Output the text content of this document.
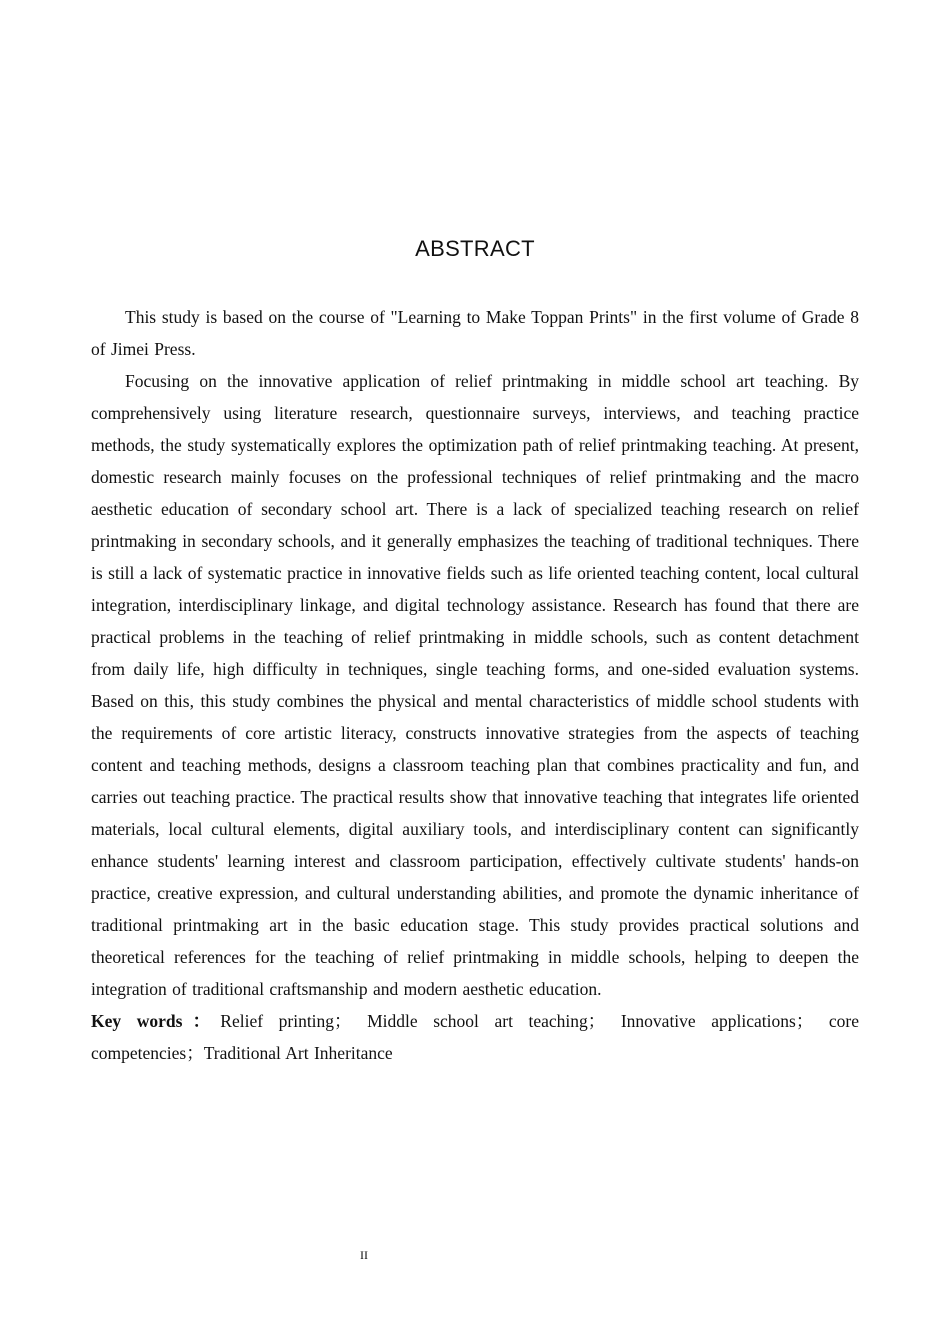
ABSTRACT

This study is based on the course of "Learning to Make Toppan Prints" in the first volume of Grade 8 of Jimei Press.

Focusing on the innovative application of relief printmaking in middle school art teaching. By comprehensively using literature research, questionnaire surveys, interviews, and teaching practice methods, the study systematically explores the optimization path of relief printmaking teaching. At present, domestic research mainly focuses on the professional techniques of relief printmaking and the macro aesthetic education of secondary school art. There is a lack of specialized teaching research on relief printmaking in secondary schools, and it generally emphasizes the teaching of traditional techniques. There is still a lack of systematic practice in innovative fields such as life oriented teaching content, local cultural integration, interdisciplinary linkage, and digital technology assistance. Research has found that there are practical problems in the teaching of relief printmaking in middle schools, such as content detachment from daily life, high difficulty in techniques, single teaching forms, and one-sided evaluation systems. Based on this, this study combines the physical and mental characteristics of middle school students with the requirements of core artistic literacy, constructs innovative strategies from the aspects of teaching content and teaching methods, designs a classroom teaching plan that combines practicality and fun, and carries out teaching practice. The practical results show that innovative teaching that integrates life oriented materials, local cultural elements, digital auxiliary tools, and interdisciplinary content can significantly enhance students' learning interest and classroom participation, effectively cultivate students' hands-on practice, creative expression, and cultural understanding abilities, and promote the dynamic inheritance of traditional printmaking art in the basic education stage. This study provides practical solutions and theoretical references for the teaching of relief printmaking in middle schools, helping to deepen the integration of traditional craftsmanship and modern aesthetic education.

Key words：Relief printing； Middle school art teaching； Innovative applications； core competencies；Traditional Art Inheritance

II
